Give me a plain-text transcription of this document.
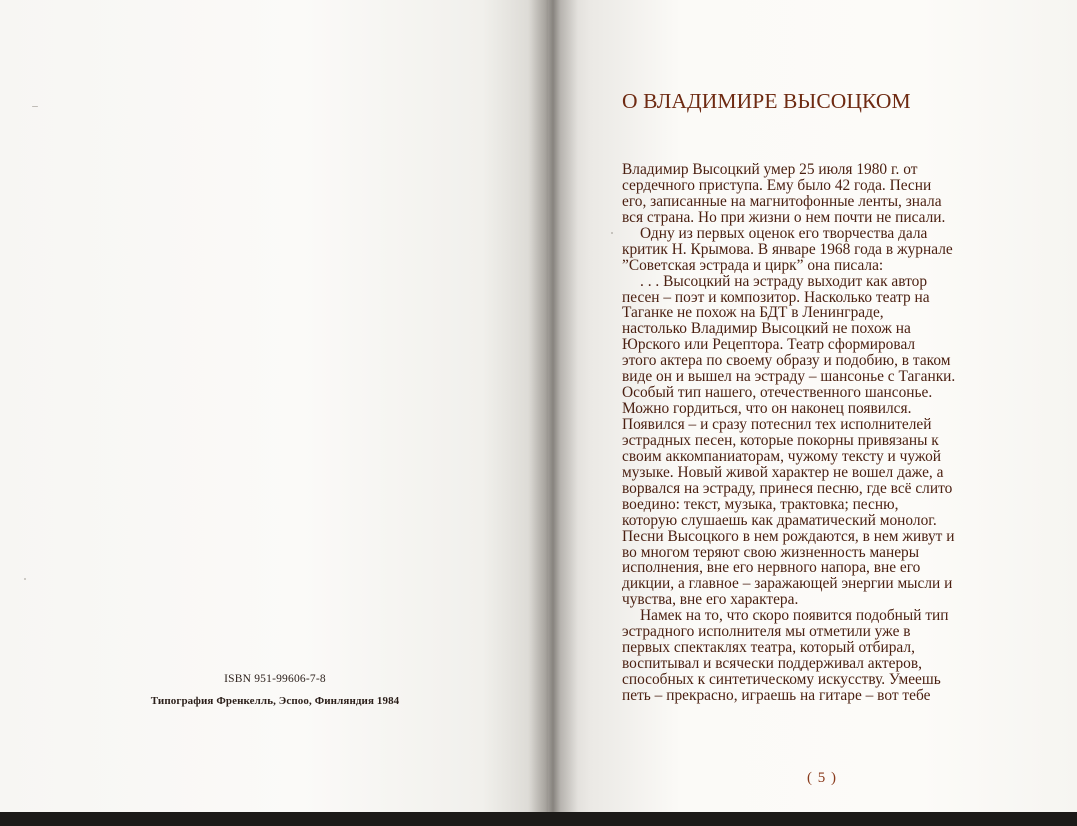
ISBN 951-99606-7-8
Типография Френкелль, Эспоо, Финляндия 1984
О ВЛАДИМИРЕ ВЫСОЦКОМ
Владимир Высоцкий умер 25 июля 1980 г. от
сердечного приступа. Ему было 42 года. Песни
его, записанные на магнитофонные ленты, знала
вся страна. Но при жизни о нем почти не писали.
Одну из первых оценок его творчества дала
критик Н. Крымова. В январе 1968 года в журнале
”Советская эстрада и цирк” она писала:
. . . Высоцкий на эстраду выходит как автор
песен – поэт и композитор. Насколько театр на
Таганке не похож на БДТ в Ленинграде,
настолько Владимир Высоцкий не похож на
Юрского или Рецептора. Театр сформировал
этого актера по своему образу и подобию, в таком
виде он и вышел на эстраду – шансонье с Таганки.
Особый тип нашего, отечественного шансонье.
Можно гордиться, что он наконец появился.
Появился – и сразу потеснил тех исполнителей
эстрадных песен, которые покорны привязаны к
своим аккомпаниаторам, чужому тексту и чужой
музыке. Новый живой характер не вошел даже, а
ворвался на эстраду, принеся песню, где всё слито
воедино: текст, музыка, трактовка; песню,
которую слушаешь как драматический монолог.
Песни Высоцкого в нем рождаются, в нем живут и
во многом теряют свою жизненность манеры
исполнения, вне его нервного напора, вне его
дикции, а главное – заражающей энергии мысли и
чувства, вне его характера.
Намек на то, что скоро появится подобный тип
эстрадного исполнителя мы отметили уже в
первых спектаклях театра, который отбирал,
воспитывал и всячески поддерживал актеров,
способных к синтетическому искусству. Умеешь
петь – прекрасно, играешь на гитаре – вот тебе
( 5 )
